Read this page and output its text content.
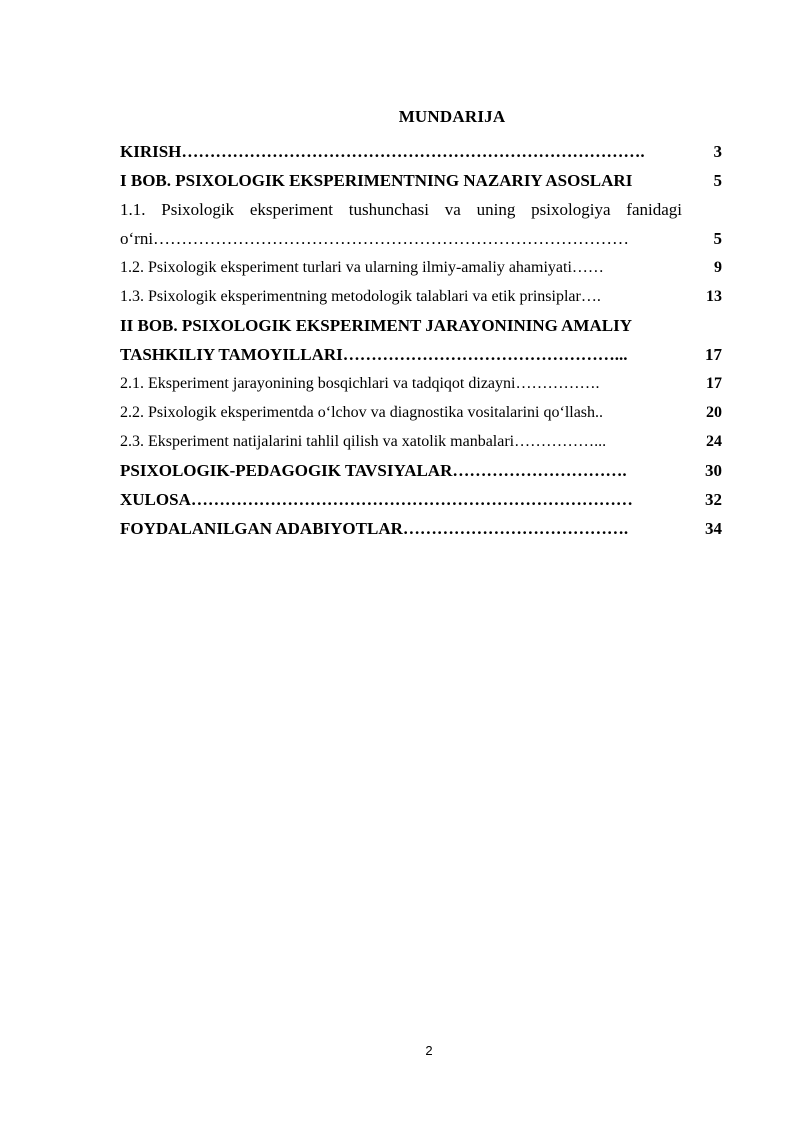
MUNDARIJA
KIRISH……………………………………………………………………….	3
I BOB. PSIXOLOGIK EKSPERIMENTNING NAZARIY ASOSLARI	5
1.1. Psixologik eksperiment tushunchasi va uning psixologiya fanidagi
o‘rni…………………………………………………………………………	5
1.2. Psixologik eksperiment turlari va ularning ilmiy-amaliy ahamiyati……	9
1.3. Psixologik eksperimentning metodologik talablari va etik prinsiplar….	13
II BOB. PSIXOLOGIK EKSPERIMENT JARAYONINING AMALIY
TASHKILIY TAMOYILLARI…………………………………………...	17
2.1. Eksperiment jarayonining bosqichlari va tadqiqot dizayni…………….	17
2.2. Psixologik eksperimentda o‘lchov va diagnostika vositalarini qo‘llash..	20
2.3. Eksperiment natijalarini tahlil qilish va xatolik manbalari……………...	24
PSIXOLOGIK-PEDAGOGIK TAVSIYALAR………………………….	30
XULOSA……………………………………………………………………	32
FOYDALANILGAN ADABIYOTLAR………………………………….	34
2
